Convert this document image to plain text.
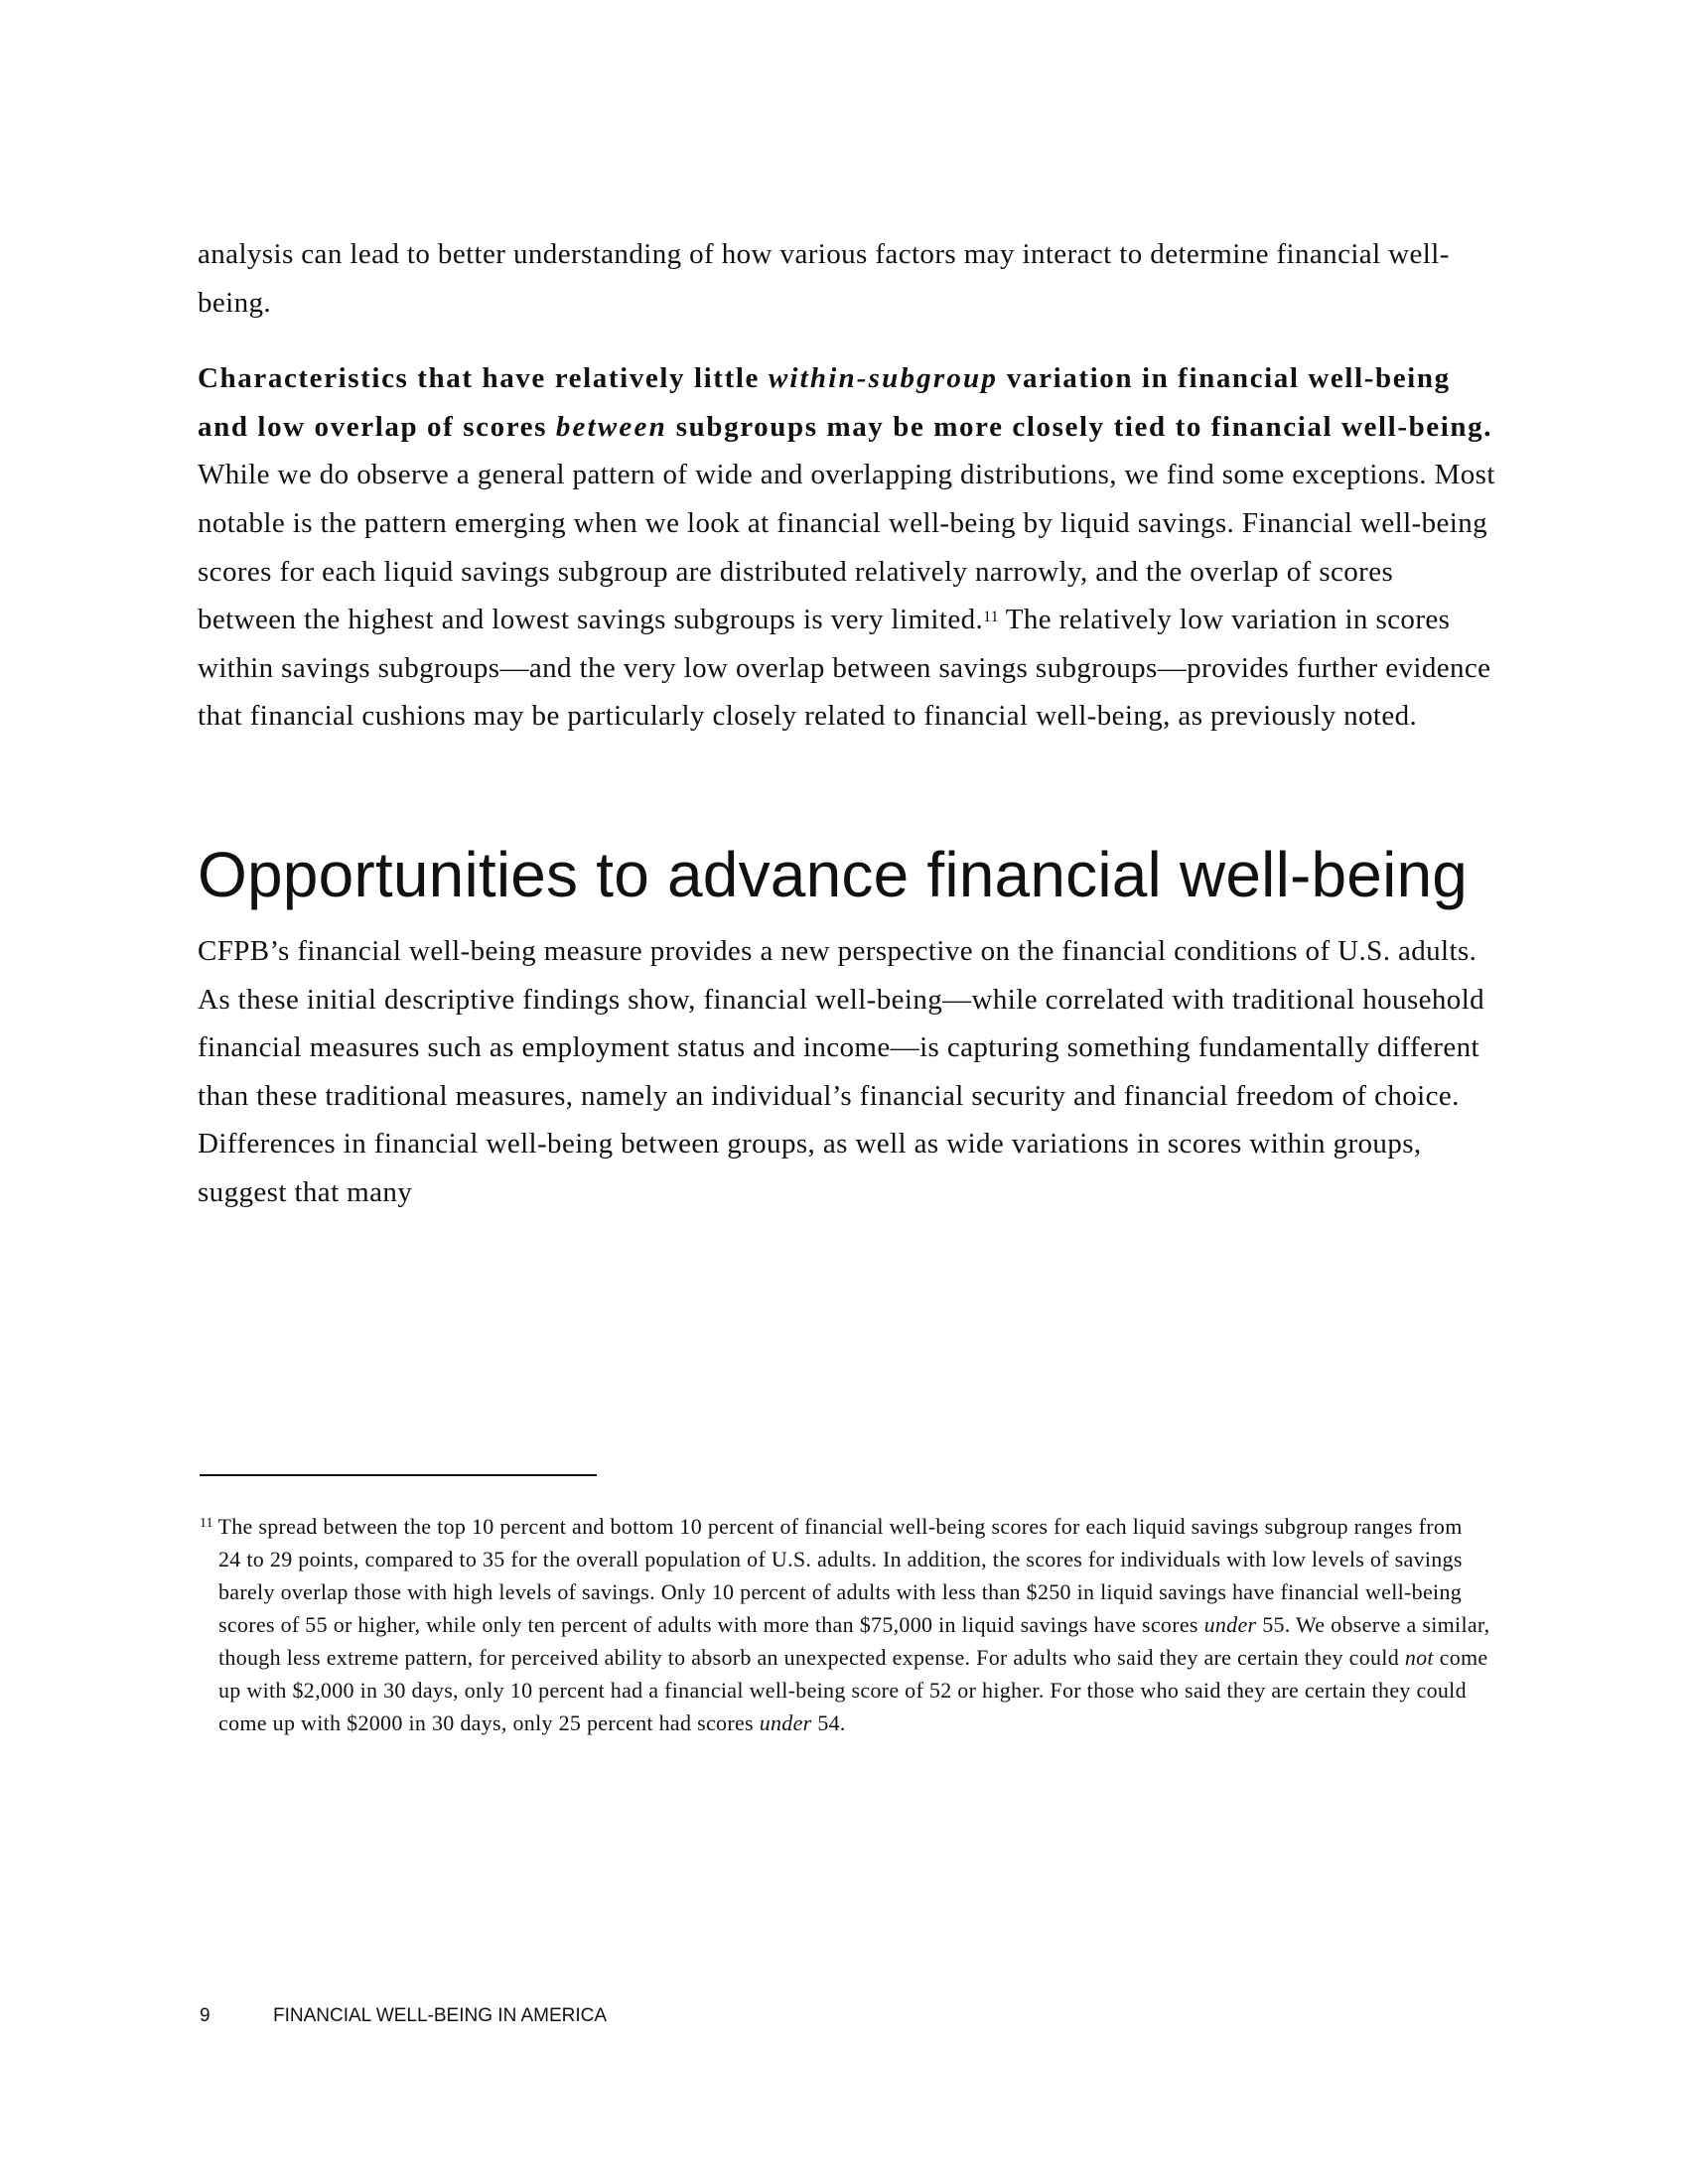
analysis can lead to better understanding of how various factors may interact to determine financial well-being.

Characteristics that have relatively little within-subgroup variation in financial well-being and low overlap of scores between subgroups may be more closely tied to financial well-being. While we do observe a general pattern of wide and overlapping distributions, we find some exceptions. Most notable is the pattern emerging when we look at financial well-being by liquid savings. Financial well-being scores for each liquid savings subgroup are distributed relatively narrowly, and the overlap of scores between the highest and lowest savings subgroups is very limited.$^{11}$ The relatively low variation in scores within savings subgroups—and the very low overlap between savings subgroups—provides further evidence that financial cushions may be particularly closely related to financial well-being, as previously noted.

Opportunities to advance financial well-being

CFPB’s financial well-being measure provides a new perspective on the financial conditions of U.S. adults. As these initial descriptive findings show, financial well-being—while correlated with traditional household financial measures such as employment status and income—is capturing something fundamentally different than these traditional measures, namely an individual’s financial security and financial freedom of choice. Differences in financial well-being between groups, as well as wide variations in scores within groups, suggest that many

$^{11}$ The spread between the top 10 percent and bottom 10 percent of financial well-being scores for each liquid savings subgroup ranges from 24 to 29 points, compared to 35 for the overall population of U.S. adults. In addition, the scores for individuals with low levels of savings barely overlap those with high levels of savings. Only 10 percent of adults with less than $250 in liquid savings have financial well-being scores of 55 or higher, while only ten percent of adults with more than $75,000 in liquid savings have scores under 55. We observe a similar, though less extreme pattern, for perceived ability to absorb an unexpected expense. For adults who said they are certain they could not come up with $2,000 in 30 days, only 10 percent had a financial well-being score of 52 or higher. For those who said they are certain they could come up with $2000 in 30 days, only 25 percent had scores under 54.

9	FINANCIAL WELL-BEING IN AMERICA
